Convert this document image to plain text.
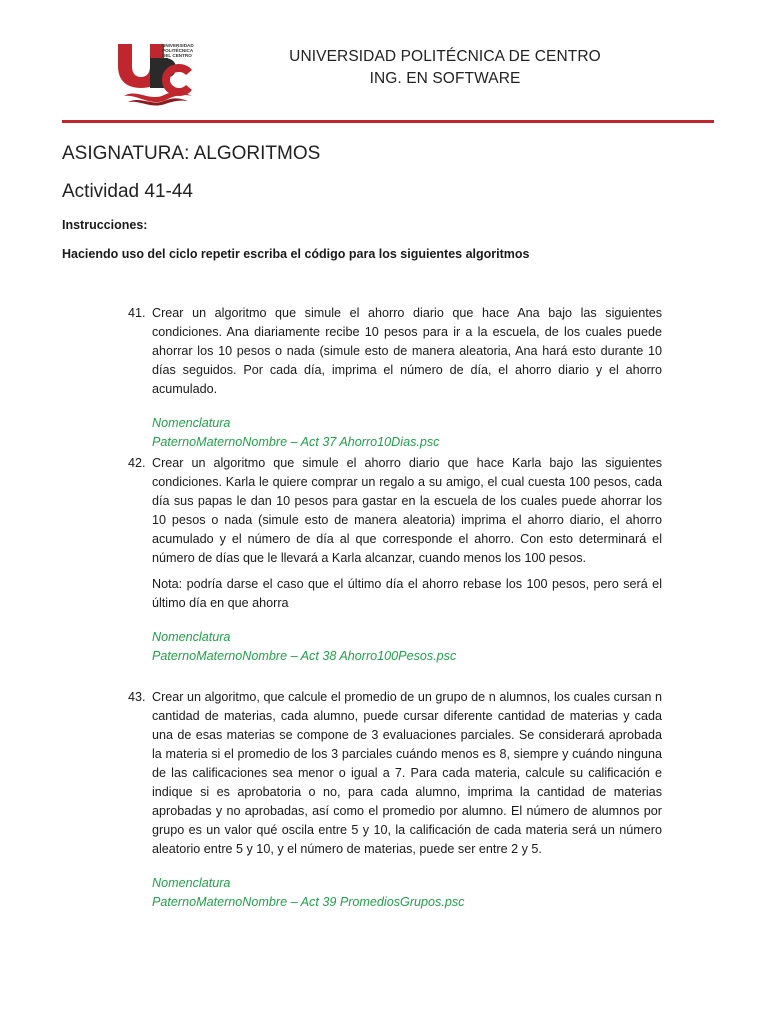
UNIVERSIDAD
POLITÉCNICA
DEL CENTRO	UNIVERSIDAD POLITÉCNICA DE CENTRO
ING. EN SOFTWARE
ASIGNATURA: ALGORITMOS
Actividad 41-44
Instrucciones:
Haciendo uso del ciclo repetir escriba el código para los siguientes algoritmos
41. Crear un algoritmo que simule el ahorro diario que hace Ana bajo las siguientes condiciones. Ana diariamente recibe 10 pesos para ir a la escuela, de los cuales puede ahorrar los 10 pesos o nada (simule esto de manera aleatoria, Ana hará esto durante 10 días seguidos. Por cada día, imprima el número de día, el ahorro diario y el ahorro acumulado.

Nomenclatura
PaternoMaternoNombre – Act 37 Ahorro10Dias.psc

42. Crear un algoritmo que simule el ahorro diario que hace Karla bajo las siguientes condiciones. Karla le quiere comprar un regalo a su amigo, el cual cuesta 100 pesos, cada día sus papas le dan 10 pesos para gastar en la escuela de los cuales puede ahorrar los 10 pesos o nada (simule esto de manera aleatoria) imprima el ahorro diario, el ahorro acumulado y el número de día al que corresponde el ahorro. Con esto determinará el número de días que le llevará a Karla alcanzar, cuando menos los 100 pesos.

Nota: podría darse el caso que el último día el ahorro rebase los 100 pesos, pero será el último día en que ahorra

Nomenclatura
PaternoMaternoNombre – Act 38 Ahorro100Pesos.psc

43. Crear un algoritmo, que calcule el promedio de un grupo de n alumnos, los cuales cursan n cantidad de materias, cada alumno, puede cursar diferente cantidad de materias y cada una de esas materias se compone de 3 evaluaciones parciales. Se considerará aprobada la materia si el promedio de los 3 parciales cuándo menos es 8, siempre y cuándo ninguna de las calificaciones sea menor o igual a 7. Para cada materia, calcule su calificación e indique si es aprobatoria o no, para cada alumno, imprima la cantidad de materias aprobadas y no aprobadas, así como el promedio por alumno. El número de alumnos por grupo es un valor qué oscila entre 5 y 10, la calificación de cada materia será un número aleatorio entre 5 y 10, y el número de materias, puede ser entre 2 y 5.

Nomenclatura
PaternoMaternoNombre – Act 39 PromediosGrupos.psc
